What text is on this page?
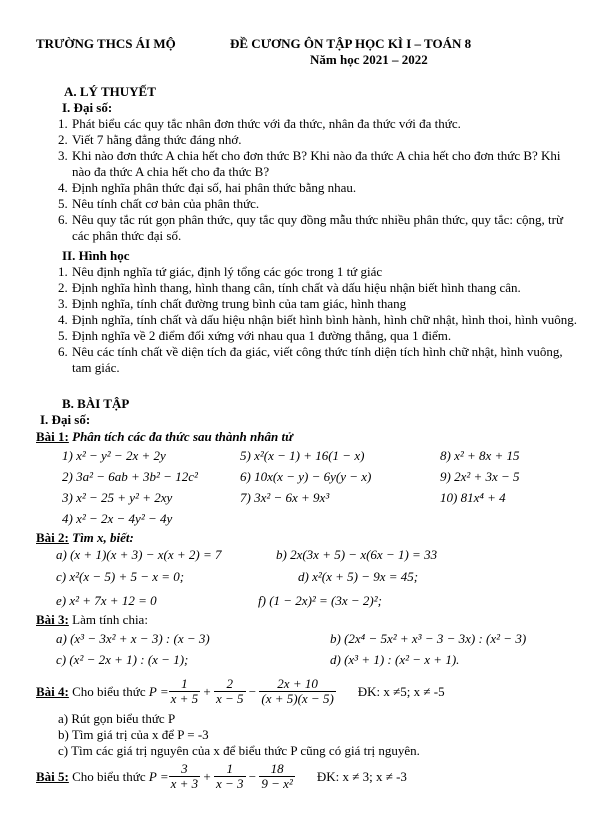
TRƯỜNG THCS ÁI MỘ	ĐỀ CƯƠNG ÔN TẬP HỌC KÌ I – TOÁN 8
Năm học 2021 – 2022
A. LÝ THUYẾT
I. Đại số:
1. Phát biểu các quy tắc nhân đơn thức với đa thức, nhân đa thức với đa thức.
2. Viết 7 hằng đẳng thức đáng nhớ.
3. Khi nào đơn thức A chia hết cho đơn thức B? Khi nào đa thức A chia hết cho đơn thức B? Khi nào đa thức A chia hết cho đa thức B?
4. Định nghĩa phân thức đại số, hai phân thức bằng nhau.
5. Nêu tính chất cơ bản của phân thức.
6. Nêu quy tắc rút gọn phân thức, quy tắc quy đồng mẫu thức nhiều phân thức, quy tắc: cộng, trừ các phân thức đại số.
II. Hình học
1. Nêu định nghĩa tứ giác, định lý tổng các góc trong 1 tứ giác
2. Định nghĩa hình thang, hình thang cân, tính chất và dấu hiệu nhận biết hình thang cân.
3. Định nghĩa, tính chất đường trung bình của tam giác, hình thang
4. Định nghĩa, tính chất và dấu hiệu nhận biết hình bình hành, hình chữ nhật, hình thoi, hình vuông.
5. Định nghĩa về 2 điểm đối xứng với nhau qua 1 đường thẳng, qua 1 điểm.
6. Nêu các tính chất về diện tích đa giác, viết công thức tính diện tích hình chữ nhật, hình vuông, tam giác.
B. BÀI TẬP
I. Đại số:
Bài 1: Phân tích các đa thức sau thành nhân tử
1) x² − y² − 2x + 2y	5) x²(x − 1) + 16(1 − x)	8) x² + 8x + 15
2) 3a² − 6ab + 3b² − 12c²	6) 10x(x − y) − 6y(y − x)	9) 2x² + 3x − 5
3) x² − 25 + y² + 2xy	7) 3x² − 6x + 9x³	10) 81x⁴ + 4
4) x² − 2x − 4y² − 4y
Bài 2: Tìm x, biết:
a) (x + 1)(x + 3) − x(x + 2) = 7	b) 2x(3x + 5) − x(6x − 1) = 33
c) x²(x − 5) + 5 − x = 0;	d) x²(x + 5) − 9x = 45;
e) x² + 7x + 12 = 0	f) (1 − 2x)² = (3x − 2)²;
Bài 3: Làm tính chia:
a) (x³ − 3x² + x − 3) : (x − 3)	b) (2x⁴ − 5x² + x³ − 3 − 3x) : (x² − 3)
c) (x² − 2x + 1) : (x − 1);	d) (x³ + 1) : (x² − x + 1).
Bài 4:
Cho biểu thức
$P = \frac{1}{x + 5} + \frac{2}{x - 5} - \frac{2x + 10}{(x + 5)(x - 5)}$ ĐK: x ≠5; x ≠ -5
a) Rút gọn biểu thức P
b) Tìm giá trị của x để P = -3
c) Tìm các giá trị nguyên của x để biểu thức P cũng có giá trị nguyên.
Bài 5:
Cho biểu thức
$P = \frac{3}{x + 3} + \frac{1}{x - 3} - \frac{18}{\text{9 − x²}}$ ĐK: x ≠ 3; x ≠ -3
